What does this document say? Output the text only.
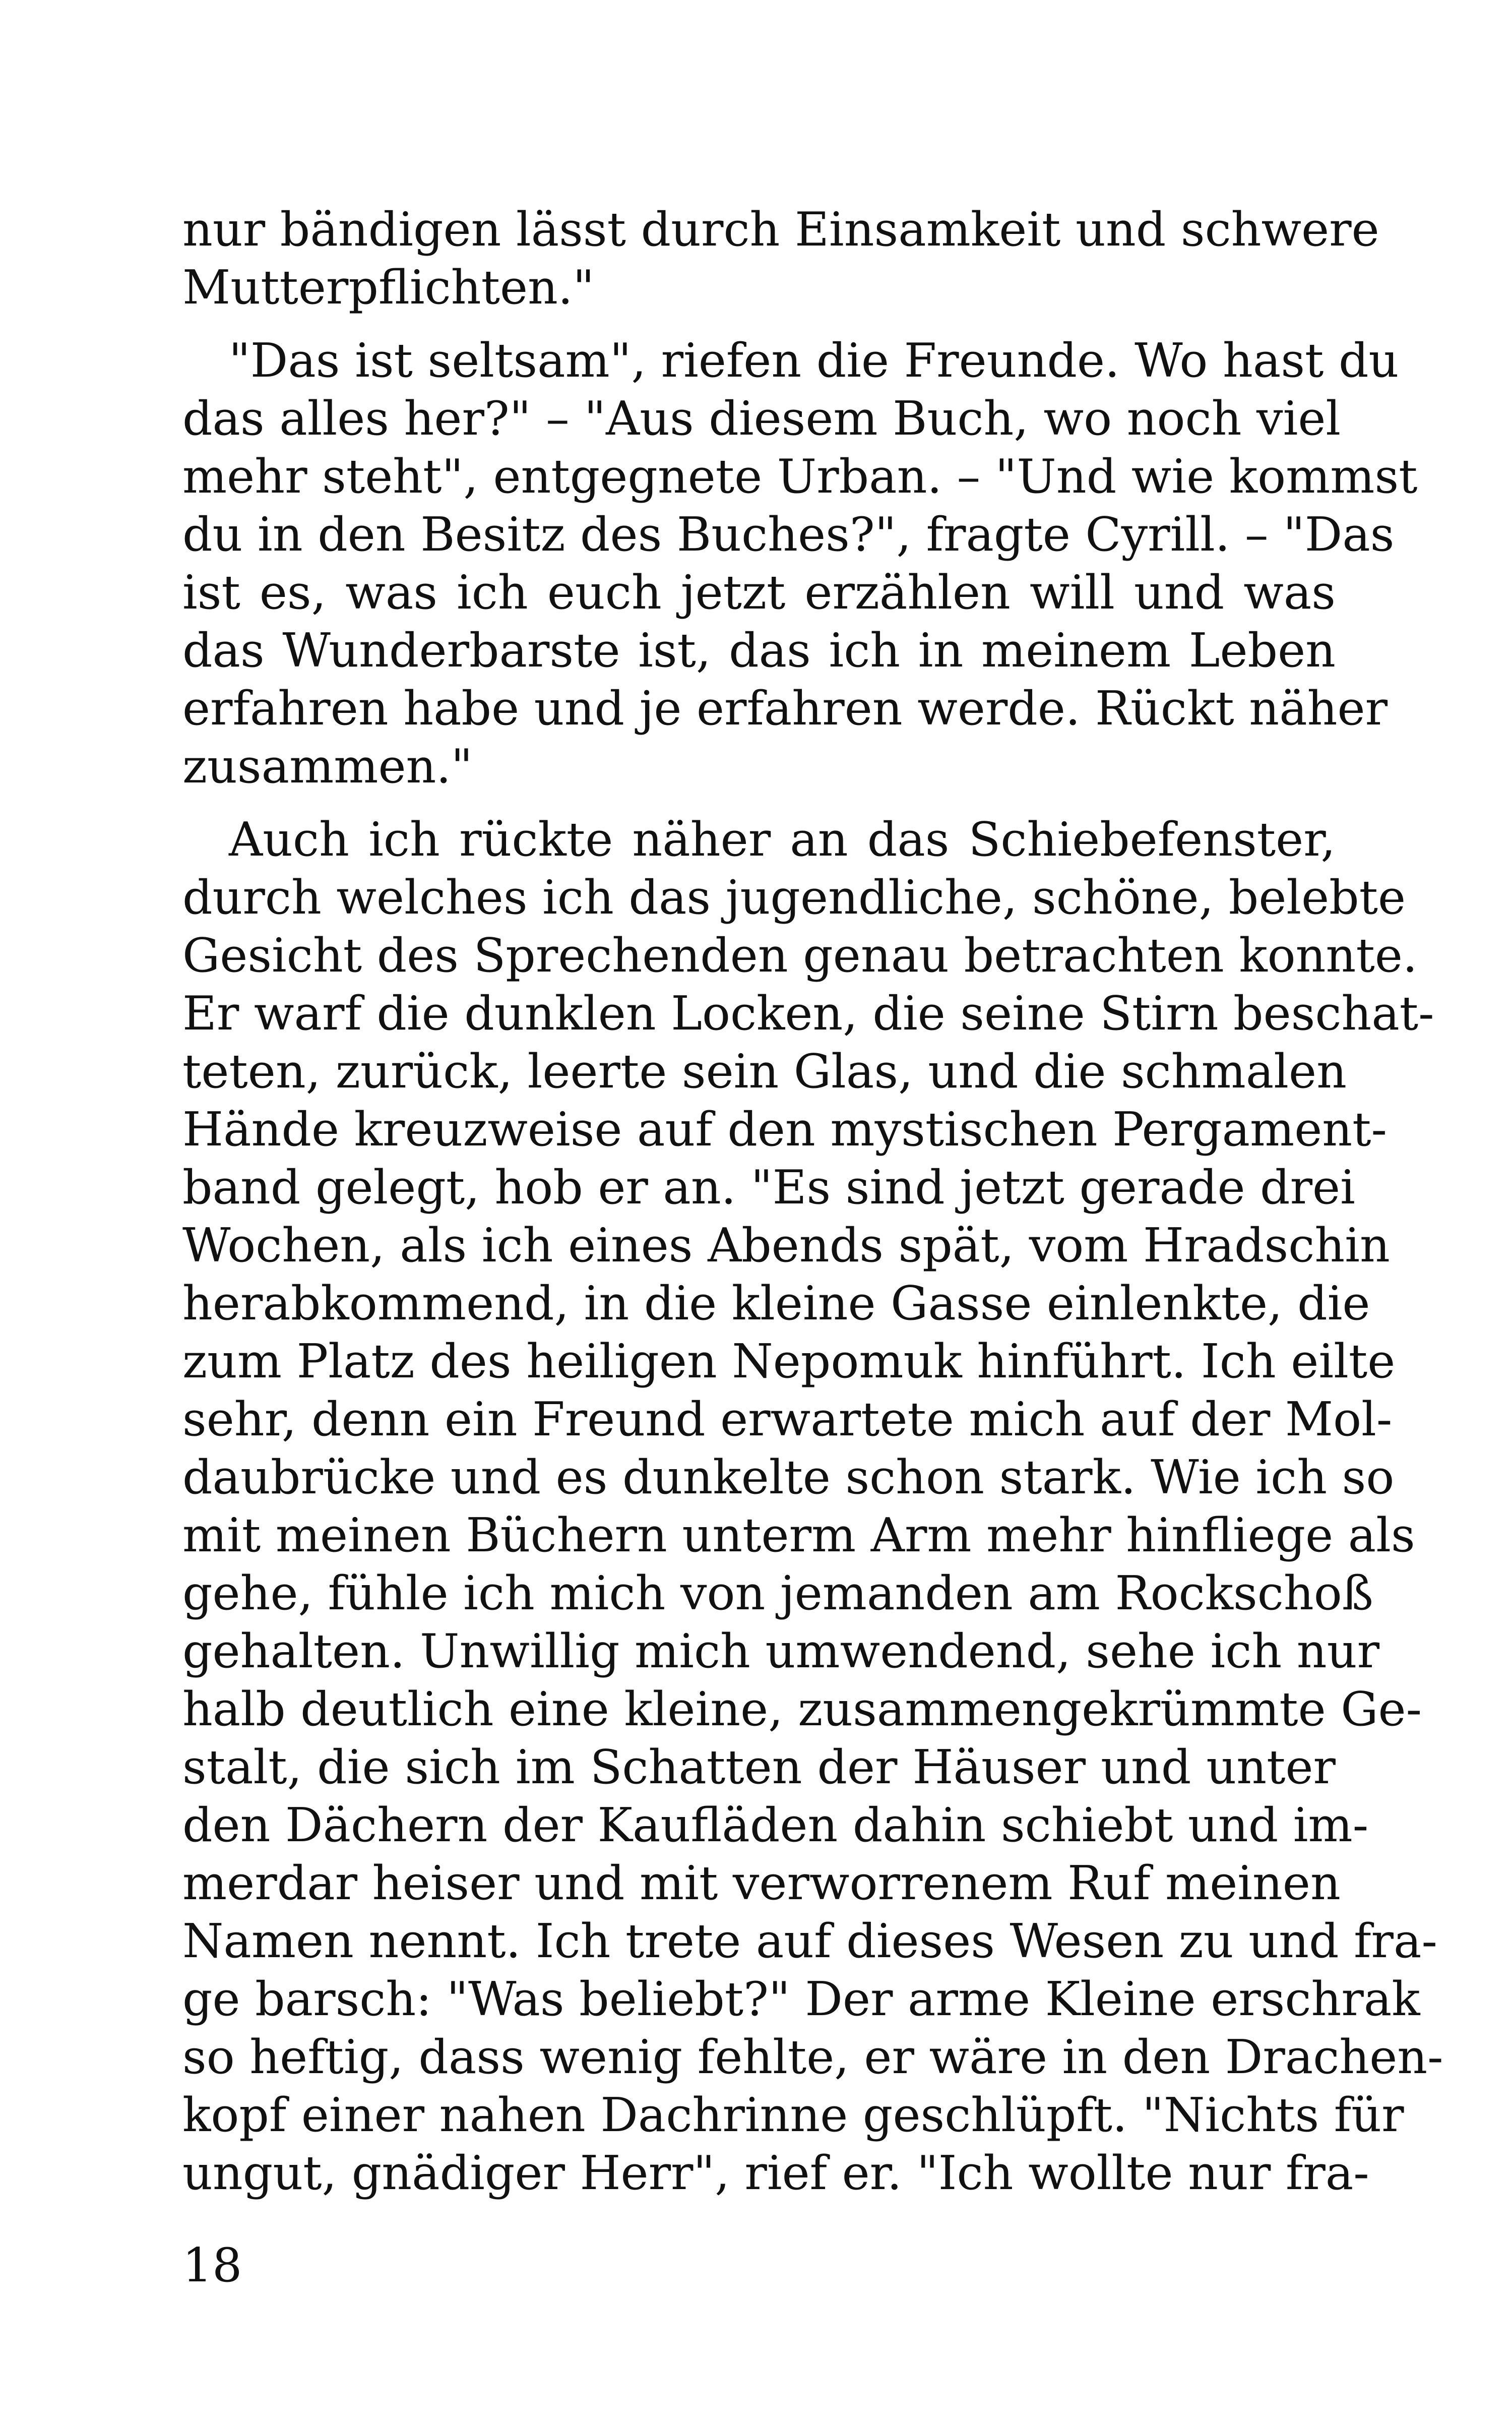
nur bändigen lässt durch Einsamkeit und schwere
Mutterpflichten."
"Das ist seltsam", riefen die Freunde. Wo hast du
das alles her?" – "Aus diesem Buch, wo noch viel
mehr steht", entgegnete Urban. – "Und wie kommst
du in den Besitz des Buches?", fragte Cyrill. – "Das
ist es, was ich euch jetzt erzählen will und was
das Wunderbarste ist, das ich in meinem Leben
erfahren habe und je erfahren werde. Rückt näher
zusammen."
Auch ich rückte näher an das Schiebefenster,
durch welches ich das jugendliche, schöne, belebte
Gesicht des Sprechenden genau betrachten konnte.
Er warf die dunklen Locken, die seine Stirn beschat-
teten, zurück, leerte sein Glas, und die schmalen
Hände kreuzweise auf den mystischen Pergament-
band gelegt, hob er an. "Es sind jetzt gerade drei
Wochen, als ich eines Abends spät, vom Hradschin
herabkommend, in die kleine Gasse einlenkte, die
zum Platz des heiligen Nepomuk hinführt. Ich eilte
sehr, denn ein Freund erwartete mich auf der Mol-
daubrücke und es dunkelte schon stark. Wie ich so
mit meinen Büchern unterm Arm mehr hinfliege als
gehe, fühle ich mich von jemanden am Rockschoß
gehalten. Unwillig mich umwendend, sehe ich nur
halb deutlich eine kleine, zusammengekrümmte Ge-
stalt, die sich im Schatten der Häuser und unter
den Dächern der Kaufläden dahin schiebt und im-
merdar heiser und mit verworrenem Ruf meinen
Namen nennt. Ich trete auf dieses Wesen zu und fra-
ge barsch: "Was beliebt?" Der arme Kleine erschrak
so heftig, dass wenig fehlte, er wäre in den Drachen-
kopf einer nahen Dachrinne geschlüpft. "Nichts für
ungut, gnädiger Herr", rief er. "Ich wollte nur fra-
18
